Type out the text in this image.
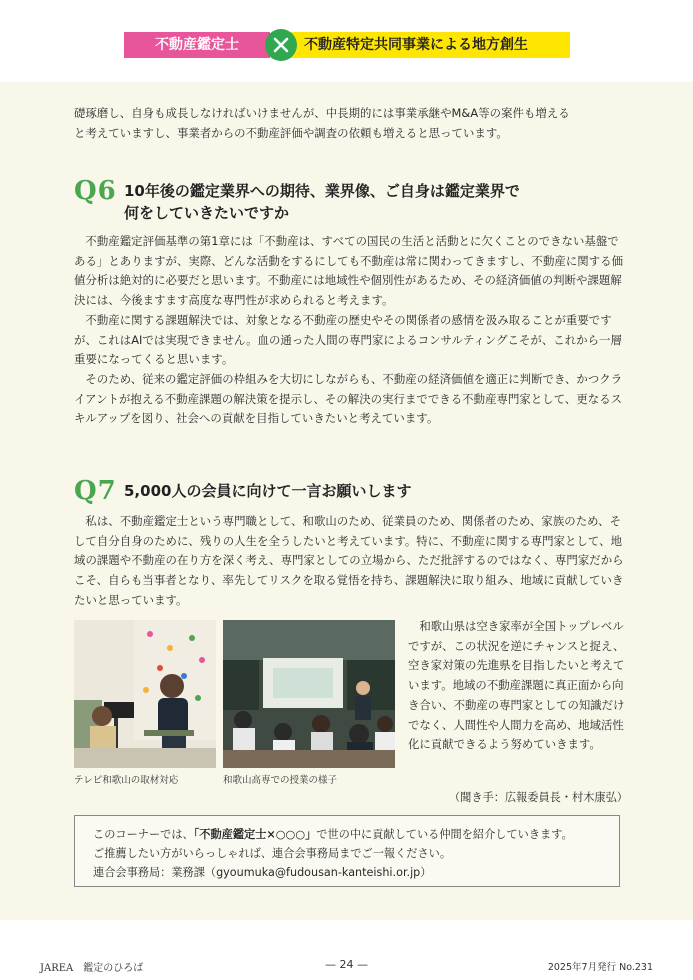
不動産鑑定士	不動産特定共同事業による地方創生
礎琢磨し、自身も成長しなければいけませんが、中長期的には事業承継やM&A等の案件も増える
と考えていますし、事業者からの不動産評価や調査の依頼も増えると思っています。
Q6 10年後の鑑定業界への期待、業界像、ご自身は鑑定業界で
何をしていきたいですか

不動産鑑定評価基準の第1章には「不動産は、すべての国民の生活と活動とに欠くことのできない基盤である」とありますが、実際、どんな活動をするにしても不動産は常に関わってきますし、不動産に関する価値分析は絶対的に必要だと思います。不動産には地域性や個別性があるため、その経済価値の判断や課題解決には、今後ますます高度な専門性が求められると考えます。

不動産に関する課題解決では、対象となる不動産の歴史やその関係者の感情を汲み取ることが重要ですが、これはAIでは実現できません。血の通った人間の専門家によるコンサルティングこそが、これから一層重要になってくると思います。

そのため、従来の鑑定評価の枠組みを大切にしながらも、不動産の経済価値を適正に判断でき、かつクライアントが抱える不動産課題の解決策を提示し、その解決の実行までできる不動産専門家として、更なるスキルアップを図り、社会への貢献を目指していきたいと考えています。

Q7 5,000人の会員に向けて一言お願いします

私は、不動産鑑定士という専門職として、和歌山のため、従業員のため、関係者のため、家族のため、そして自分自身のために、残りの人生を全うしたいと考えています。特に、不動産に関する専門家として、地域の課題や不動産の在り方を深く考え、専門家としての立場から、ただ批評するのではなく、専門家だからこそ、自らも当事者となり、率先してリスクを取る覚悟を持ち、課題解決に取り組み、地域に貢献していきたいと思っています。

テレビ和歌山の取材対応	和歌山高専での授業の様子

和歌山県は空き家率が全国トップレベルですが、この状況を逆にチャンスと捉え、空き家対策の先進県を目指したいと考えています。地域の不動産課題に真正面から向き合い、不動産の専門家としての知識だけでなく、人間性や人間力を高め、地域活性化に貢献できるよう努めていきます。

（聞き手：広報委員長・村木康弘）
このコーナーでは、「不動産鑑定士×○○○」で世の中に貢献している仲間を紹介していきます。
ご推薦したい方がいらっしゃれば、連合会事務局までご一報ください。
連合会事務局：業務課（gyoumuka@fudousan-kanteishi.or.jp）
JAREA　鑑定のひろば	— 24 —	2025年7月発行 No.231
